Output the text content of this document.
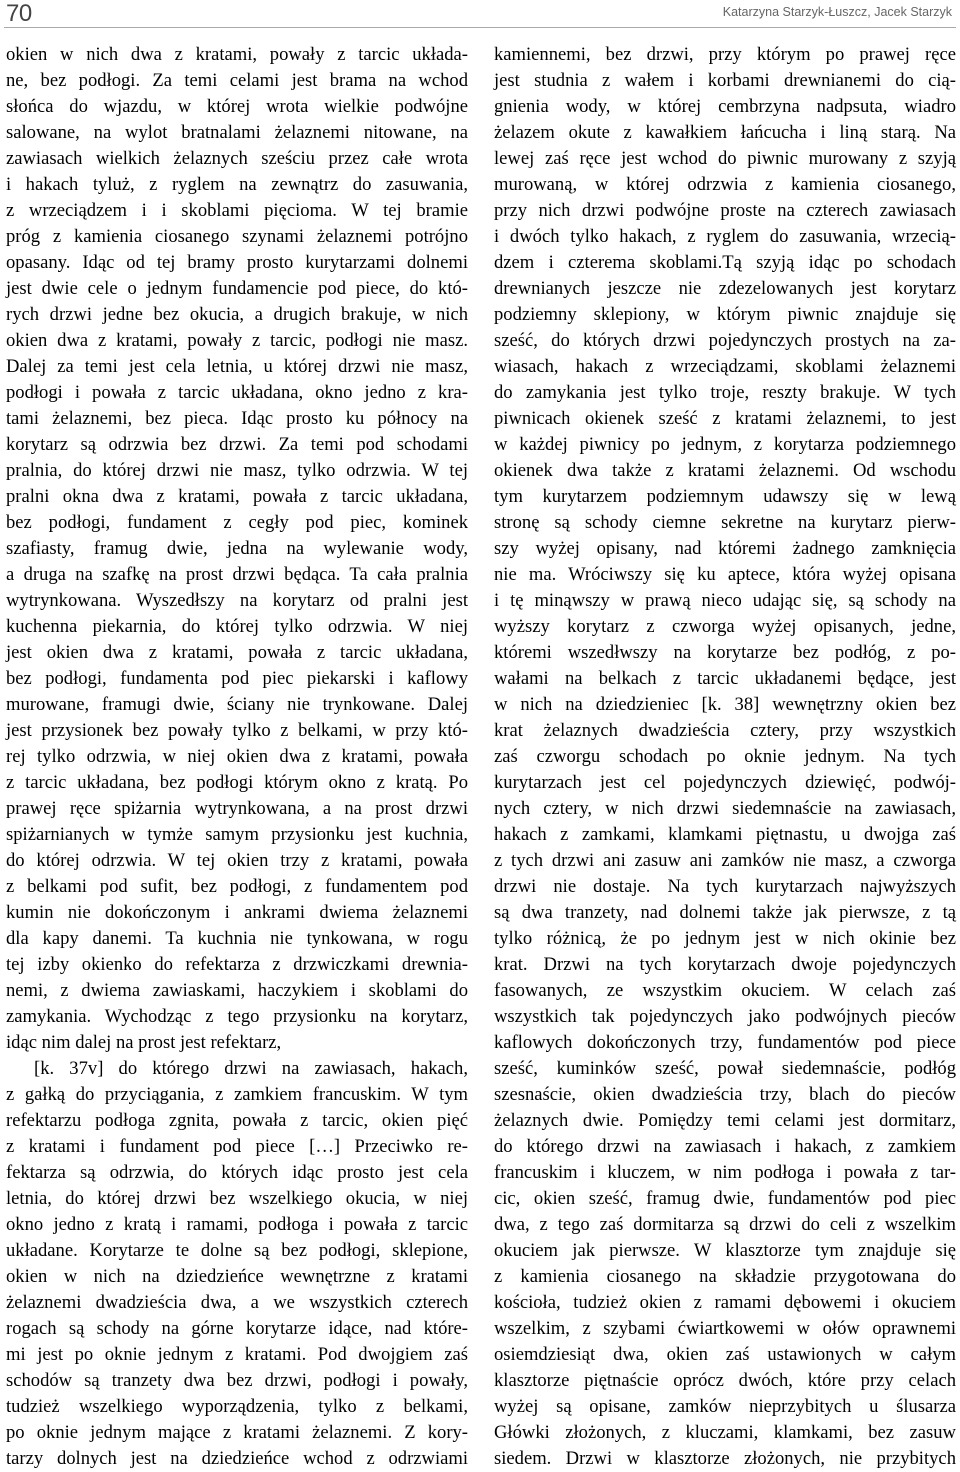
70	Katarzyna Starzyk-Łuszcz, Jacek Starzyk
okien w nich dwa z kratami, powały z tarcic układa-
ne, bez podłogi. Za temi celami jest brama na wchod
słońca do wjazdu, w której wrota wielkie podwójne
salowane, na wylot bratnalami żelaznemi nitowane, na
zawiasach wielkich żelaznych sześciu przez całe wrota
i hakach tyluż, z ryglem na zewnątrz do zasuwania,
z wrzeciądzem i i skoblami pięcioma. W tej bramie
próg z kamienia ciosanego szynami żelaznemi potrójno
opasany. Idąc od tej bramy prosto kurytarzami dolnemi
jest dwie cele o jednym fundamencie pod piece, do któ-
rych drzwi jedne bez okucia, a drugich brakuje, w nich
okien dwa z kratami, powały z tarcic, podłogi nie masz.
Dalej za temi jest cela letnia, u której drzwi nie masz,
podłogi i powała z tarcic układana, okno jedno z kra-
tami żelaznemi, bez pieca. Idąc prosto ku północy na
korytarz są odrzwia bez drzwi. Za temi pod schodami
pralnia, do której drzwi nie masz, tylko odrzwia. W tej
pralni okna dwa z kratami, powała z tarcic układana,
bez podłogi, fundament z cegły pod piec, kominek
szafiasty, framug dwie, jedna na wylewanie wody,
a druga na szafkę na prost drzwi będąca. Ta cała pralnia
wytrynkowana. Wyszedłszy na korytarz od pralni jest
kuchenna piekarnia, do której tylko odrzwia. W niej
jest okien dwa z kratami, powała z tarcic układana,
bez podłogi, fundamenta pod piec piekarski i kaflowy
murowane, framugi dwie, ściany nie trynkowane. Dalej
jest przysionek bez powały tylko z belkami, w przy któ-
rej tylko odrzwia, w niej okien dwa z kratami, powała
z tarcic układana, bez podłogi którym okno z kratą. Po
prawej ręce spiżarnia wytrynkowana, a na prost drzwi
spiżarnianych w tymże samym przysionku jest kuchnia,
do której odrzwia. W tej okien trzy z kratami, powała
z belkami pod sufit, bez podłogi, z fundamentem pod
kumin nie dokończonym i ankrami dwiema żelaznemi
dla kapy danemi. Ta kuchnia nie tynkowana, w rogu
tej izby okienko do refektarza z drzwiczkami drewnia-
nemi, z dwiema zawiaskami, haczykiem i skoblami do
zamykania. Wychodząc z tego przysionku na korytarz,
idąc nim dalej na prost jest refektarz,
[k. 37v] do którego drzwi na zawiasach, hakach,
z gałką do przyciągania, z zamkiem francuskim. W tym
refektarzu podłoga zgnita, powała z tarcic, okien pięć
z kratami i fundament pod piece […] Przeciwko re-
fektarza są odrzwia, do których idąc prosto jest cela
letnia, do której drzwi bez wszelkiego okucia, w niej
okno jedno z kratą i ramami, podłoga i powała z tarcic
układane. Korytarze te dolne są bez podłogi, sklepione,
okien w nich na dziedzieńce wewnętrzne z kratami
żelaznemi dwadzieścia dwa, a we wszystkich czterech
rogach są schody na górne korytarze idące, nad które-
mi jest po oknie jednym z kratami. Pod dwojgiem zaś
schodów są tranzety dwa bez drzwi, podłogi i powały,
tudzież wszelkiego wyporządzenia, tylko z belkami,
po oknie jednym mające z kratami żelaznemi. Z kory-
tarzy dolnych jest na dziedzieńce wchod z odrzwiami
kamiennemi, bez drzwi, przy którym po prawej ręce
jest studnia z wałem i korbami drewnianemi do cią-
gnienia wody, w której cembrzyna nadpsuta, wiadro
żelazem okute z kawałkiem łańcucha i liną starą. Na
lewej zaś ręce jest wchod do piwnic murowany z szyją
murowaną, w której odrzwia z kamienia ciosanego,
przy nich drzwi podwójne proste na czterech zawiasach
i dwóch tylko hakach, z ryglem do zasuwania, wrzecią-
dzem i czterema skoblami.Tą szyją idąc po schodach
drewnianych jeszcze nie zdezelowanych jest korytarz
podziemny sklepiony, w którym piwnic znajduje się
sześć, do których drzwi pojedynczych prostych na za-
wiasach, hakach z wrzeciądzami, skoblami żelaznemi
do zamykania jest tylko troje, reszty brakuje. W tych
piwnicach okienek sześć z kratami żelaznemi, to jest
w każdej piwnicy po jednym, z korytarza podziemnego
okienek dwa także z kratami żelaznemi. Od wschodu
tym kurytarzem podziemnym udawszy się w lewą
stronę są schody ciemne sekretne na kurytarz pierw-
szy wyżej opisany, nad któremi żadnego zamknięcia
nie ma. Wróciwszy się ku aptece, która wyżej opisana
i tę minąwszy w prawą nieco udając się, są schody na
wyższy korytarz z czworga wyżej opisanych, jedne,
któremi wszedłwszy na korytarze bez podłóg, z po-
wałami na belkach z tarcic układanemi będące, jest
w nich na dziedzieniec [k. 38] wewnętrzny okien bez
krat żelaznych dwadzieścia cztery, przy wszystkich
zaś czworgu schodach po oknie jednym. Na tych
kurytarzach jest cel pojedynczych dziewięć, podwój-
nych cztery, w nich drzwi siedemnaście na zawiasach,
hakach z zamkami, klamkami piętnastu, u dwojga zaś
z tych drzwi ani zasuw ani zamków nie masz, a czworga
drzwi nie dostaje. Na tych kurytarzach najwyższych
są dwa tranzety, nad dolnemi także jak pierwsze, z tą
tylko różnicą, że po jednym jest w nich okinie bez
krat. Drzwi na tych korytarzach dwoje pojedynczych
fasowanych, ze wszystkim okuciem. W celach zaś
wszystkich tak pojedynczych jako podwójnych pieców
kaflowych dokończonych trzy, fundamentów pod piece
sześć, kuminków sześć, pował siedemnaście, podłóg
szesnaście, okien dwadzieścia trzy, blach do pieców
żelaznych dwie. Pomiędzy temi celami jest dormitarz,
do którego drzwi na zawiasach i hakach, z zamkiem
francuskim i kluczem, w nim podłoga i powała z tar-
cic, okien sześć, framug dwie, fundamentów pod piec
dwa, z tego zaś dormitarza są drzwi do celi z wszelkim
okuciem jak pierwsze. W klasztorze tym znajduje się
z kamienia ciosanego na składzie przygotowana do
kościoła, tudzież okien z ramami dębowemi i okuciem
wszelkim, z szybami ćwiartkowemi w ołów oprawnemi
osiemdziesiąt dwa, okien zaś ustawionych w całym
klasztorze piętnaście oprócz dwóch, które przy celach
wyżej są opisane, zamków nieprzybitych u ślusarza
Główki złożonych, z kluczami, klamkami, bez zasuw
siedem. Drzwi w klasztorze złożonych, nie przybitych
